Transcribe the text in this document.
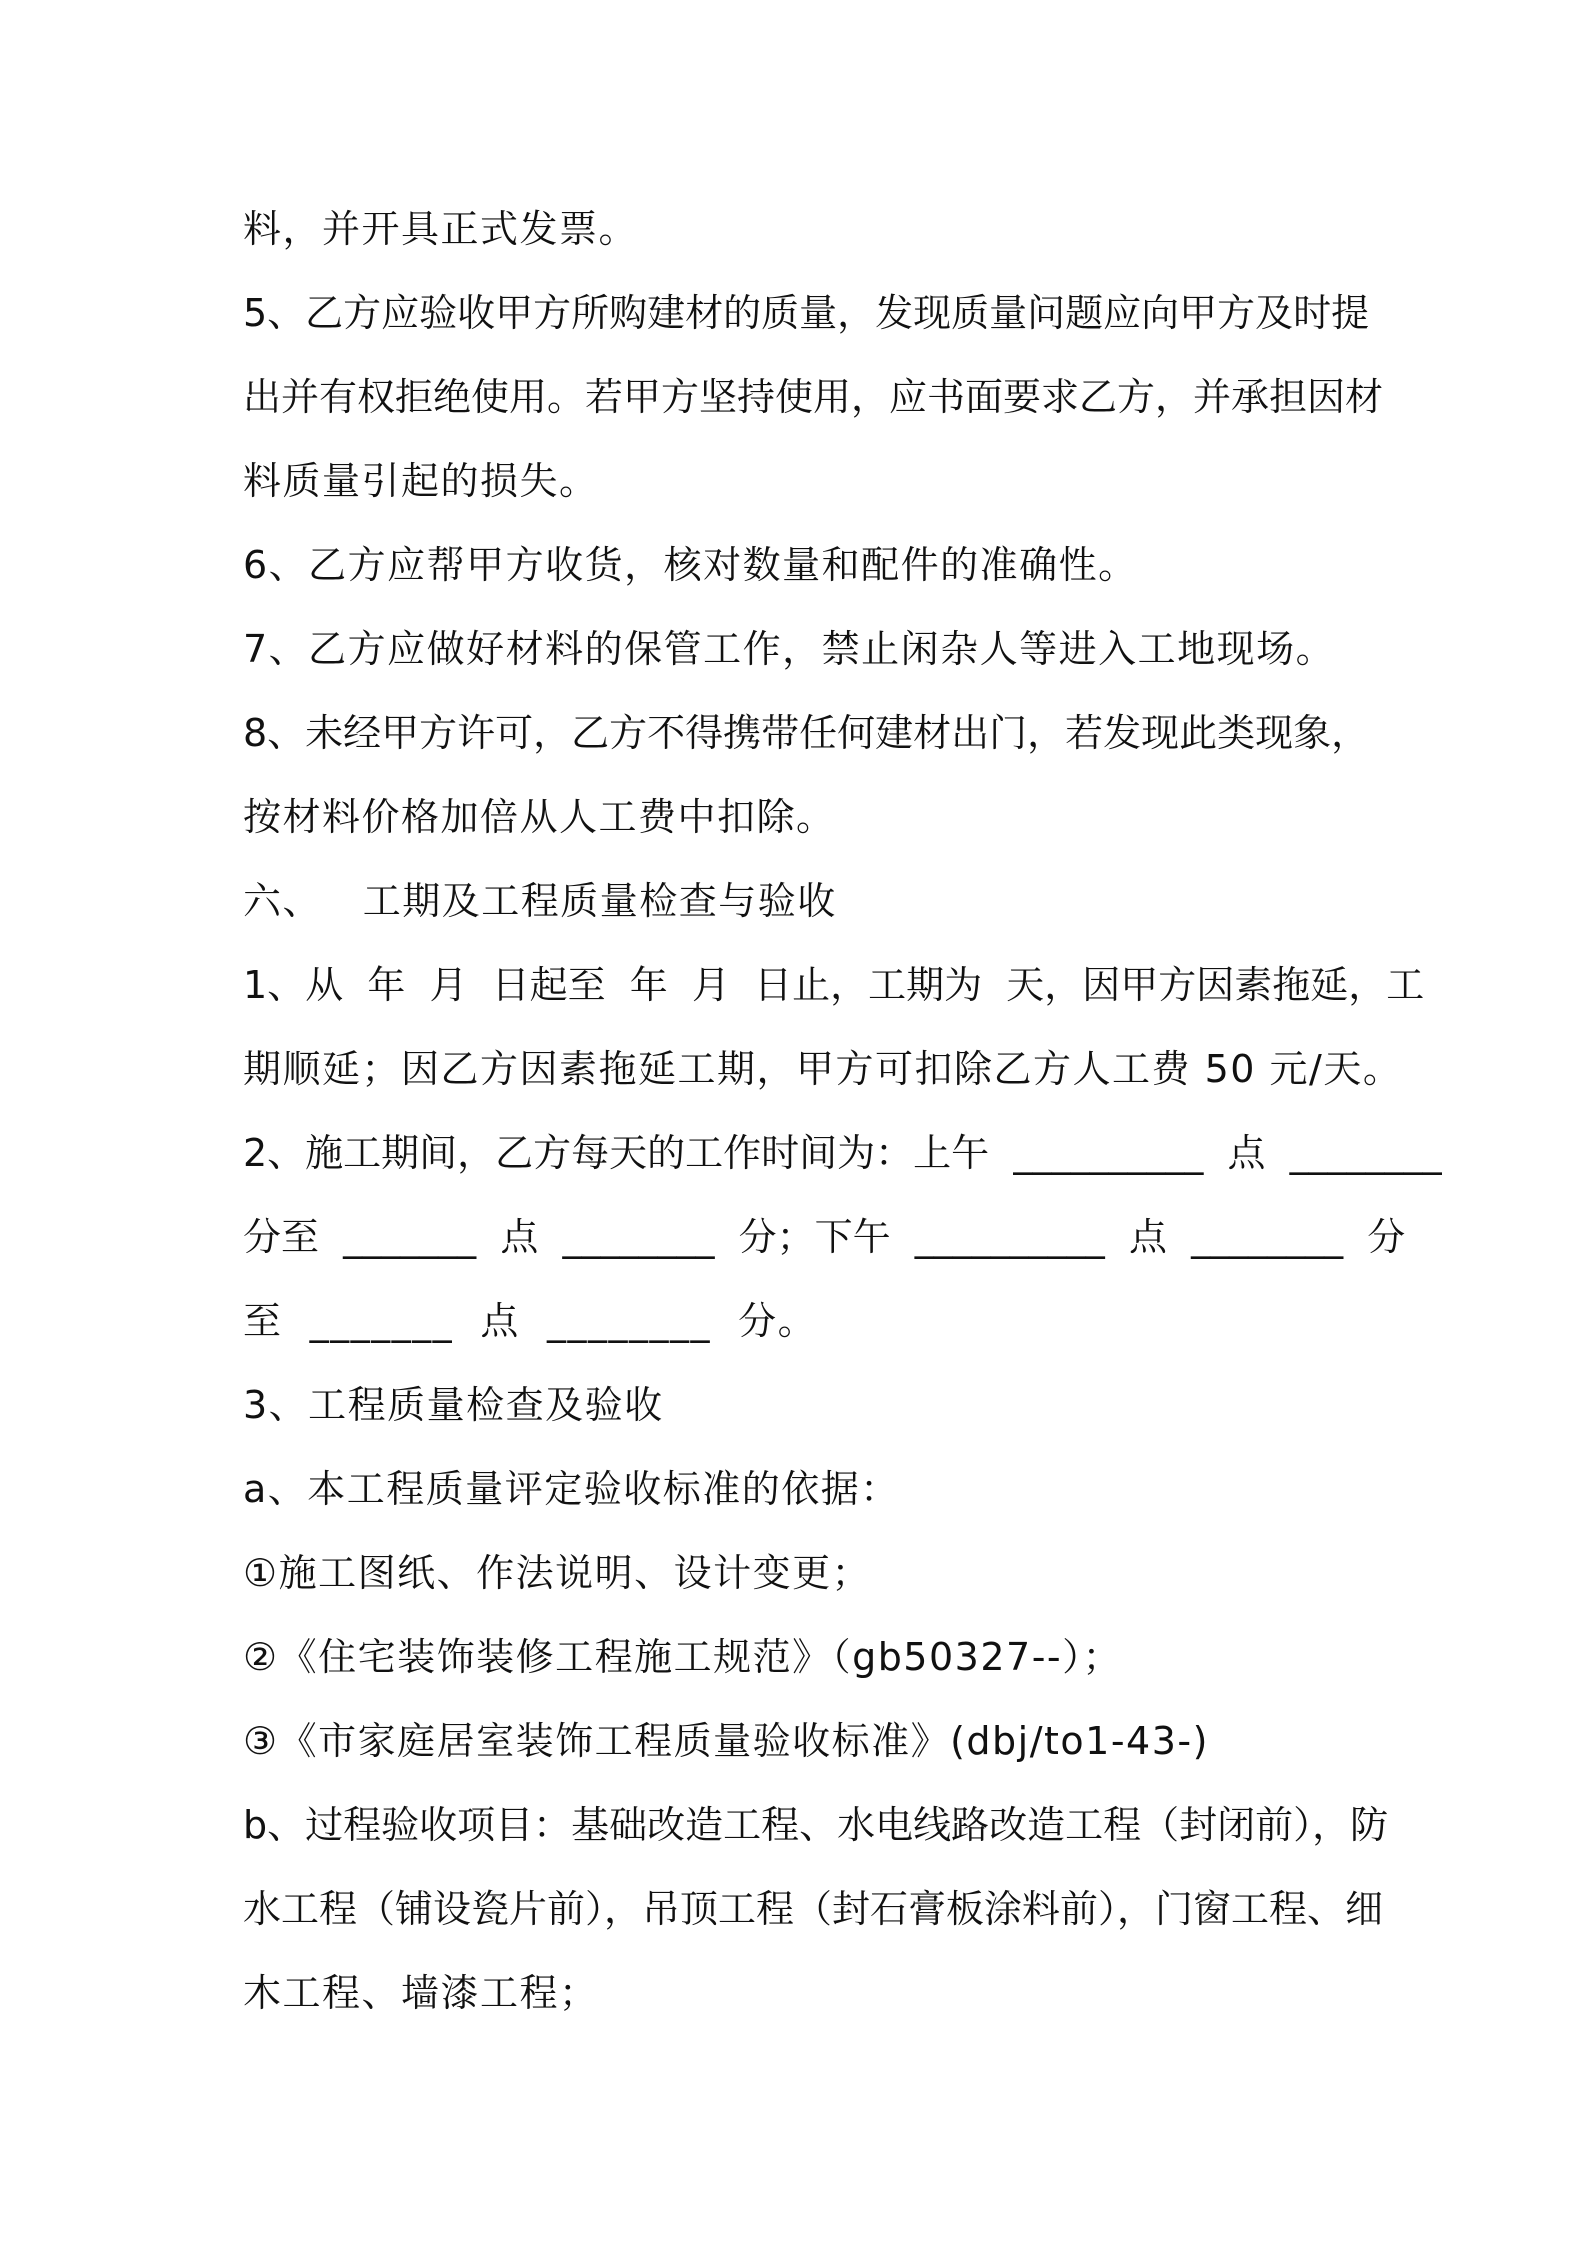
料，并开具正式发票。
5、乙方应验收甲方所购建材的质量，发现质量问题应向甲方及时提
出并有权拒绝使用。若甲方坚持使用，应书面要求乙方，并承担因材
料质量引起的损失。
6、乙方应帮甲方收货，核对数量和配件的准确性。
7、乙方应做好材料的保管工作，禁止闲杂人等进入工地现场。
8、未经甲方许可，乙方不得携带任何建材出门，若发现此类现象，
按材料价格加倍从人工费中扣除。
六、   工期及工程质量检查与验收
1、从  年  月  日起至  年  月  日止，工期为  天，因甲方因素拖延，工
期顺延；因乙方因素拖延工期，甲方可扣除乙方人工费 50 元/天。
2、施工期间，乙方每天的工作时间为：上午  __________  点  ________
分至  _______  点  ________  分；下午  __________  点  ________  分
至  _______  点  ________  分。
3、工程质量检查及验收
a、本工程质量评定验收标准的依据：
①施工图纸、作法说明、设计变更；
②《住宅装饰装修工程施工规范》（gb50327--）；
③《市家庭居室装饰工程质量验收标准》(dbj/to1-43-)
b、过程验收项目：基础改造工程、水电线路改造工程（封闭前），防
水工程（铺设瓷片前），吊顶工程（封石膏板涂料前），门窗工程、细
木工程、墙漆工程；
